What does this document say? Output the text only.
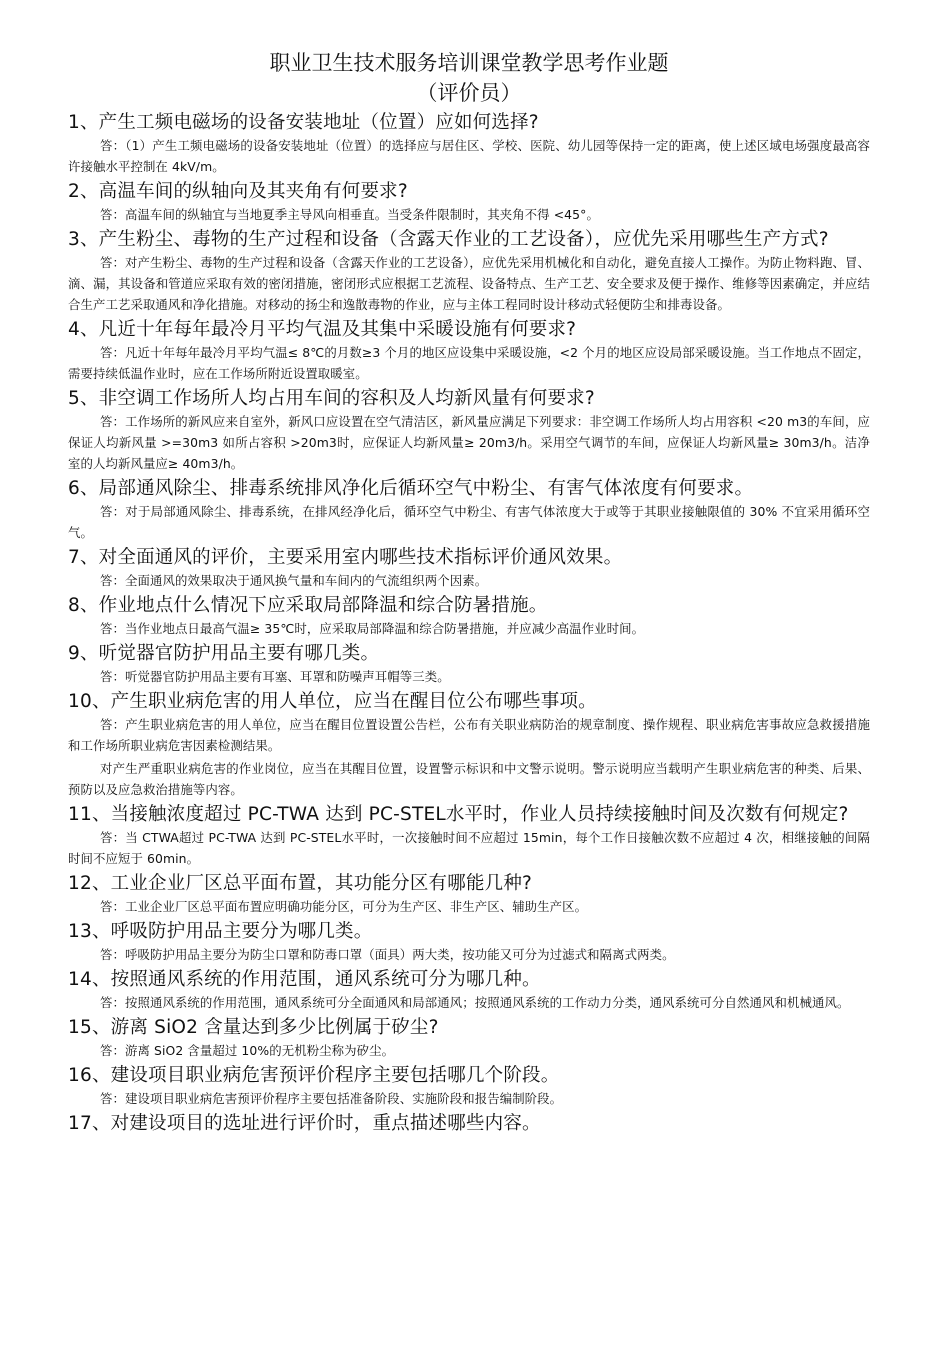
职业卫生技术服务培训课堂教学思考作业题
（评价员）

1、产生工频电磁场的设备安装地址（位置）应如何选择?

答：（1）产生工频电磁场的设备安装地址（位置）的选择应与居住区、学校、医院、幼儿园等保持一定的距离，使上述区域电场强度最高容许接触水平控制在 4kV/m。

2、高温车间的纵轴向及其夹角有何要求?

答：高温车间的纵轴宜与当地夏季主导风向相垂直。当受条件限制时，其夹角不得 <45°。

3、产生粉尘、毒物的生产过程和设备（含露天作业的工艺设备），应优先采用哪些生产方式?

答：对产生粉尘、毒物的生产过程和设备（含露天作业的工艺设备），应优先采用机械化和自动化，避免直接人工操作。为防止物料跑、冒、滴、漏，其设备和管道应采取有效的密闭措施，密闭形式应根据工艺流程、设备特点、生产工艺、安全要求及便于操作、维修等因素确定，并应结合生产工艺采取通风和净化措施。对移动的扬尘和逸散毒物的作业，应与主体工程同时设计移动式轻便防尘和排毒设备。

4、凡近十年每年最冷月平均气温及其集中采暖设施有何要求?

答：凡近十年每年最冷月平均气温≤ 8℃的月数≥3 个月的地区应设集中采暖设施，<2 个月的地区应设局部采暖设施。当工作地点不固定，需要持续低温作业时，应在工作场所附近设置取暖室。

5、非空调工作场所人均占用车间的容积及人均新风量有何要求?

答：工作场所的新风应来自室外，新风口应设置在空气清洁区，新风量应满足下列要求：非空调工作场所人均占用容积 <20 m3的车间，应保证人均新风量 >=30m3 如所占容积 >20m3时，应保证人均新风量≥ 20m3/h。采用空气调节的车间，应保证人均新风量≥ 30m3/h。洁净室的人均新风量应≥ 40m3/h。

6、局部通风除尘、排毒系统排风净化后循环空气中粉尘、有害气体浓度有何要求。

答：对于局部通风除尘、排毒系统，在排风经净化后，循环空气中粉尘、有害气体浓度大于或等于其职业接触限值的 30% 不宜采用循环空气。

7、对全面通风的评价，主要采用室内哪些技术指标评价通风效果。

答：全面通风的效果取决于通风换气量和车间内的气流组织两个因素。

8、作业地点什么情况下应采取局部降温和综合防暑措施。

答：当作业地点日最高气温≥ 35℃时，应采取局部降温和综合防暑措施，并应减少高温作业时间。

9、听觉器官防护用品主要有哪几类。

答：听觉器官防护用品主要有耳塞、耳罩和防噪声耳帽等三类。

10、产生职业病危害的用人单位，应当在醒目位公布哪些事项。

答：产生职业病危害的用人单位，应当在醒目位置设置公告栏，公布有关职业病防治的规章制度、操作规程、职业病危害事故应急救援措施和工作场所职业病危害因素检测结果。

对产生严重职业病危害的作业岗位，应当在其醒目位置，设置警示标识和中文警示说明。警示说明应当载明产生职业病危害的种类、后果、预防以及应急救治措施等内容。

11、当接触浓度超过 PC-TWA 达到 PC-STEL水平时，作业人员持续接触时间及次数有何规定?

答：当 CTWA超过 PC-TWA 达到 PC-STEL水平时，一次接触时间不应超过 15min，每个工作日接触次数不应超过 4 次，相继接触的间隔时间不应短于 60min。

12、工业企业厂区总平面布置，其功能分区有哪能几种?

答：工业企业厂区总平面布置应明确功能分区，可分为生产区、非生产区、辅助生产区。

13、呼吸防护用品主要分为哪几类。

答：呼吸防护用品主要分为防尘口罩和防毒口罩（面具）两大类，按功能又可分为过滤式和隔离式两类。

14、按照通风系统的作用范围，通风系统可分为哪几种。

答：按照通风系统的作用范围，通风系统可分全面通风和局部通风；按照通风系统的工作动力分类，通风系统可分自然通风和机械通风。

15、游离 SiO2 含量达到多少比例属于矽尘?

答：游离 SiO2 含量超过 10%的无机粉尘称为矽尘。

16、建设项目职业病危害预评价程序主要包括哪几个阶段。

答：建设项目职业病危害预评价程序主要包括准备阶段、实施阶段和报告编制阶段。

17、对建设项目的选址进行评价时，重点描述哪些内容。
